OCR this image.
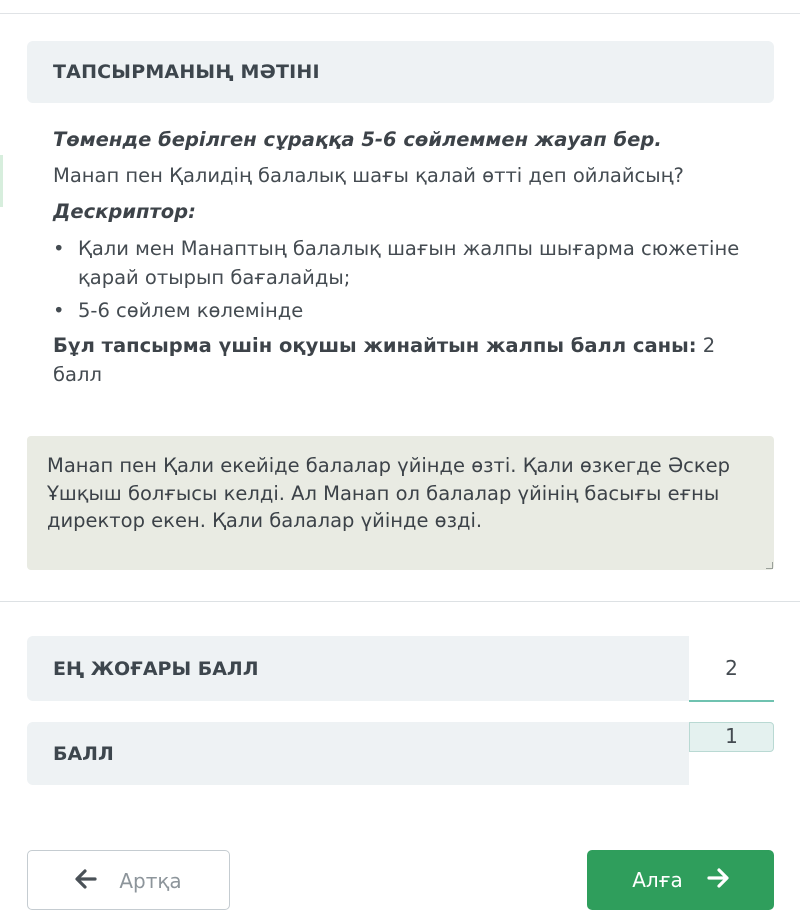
ТАПСЫРМАНЫҢ МӘТІНІ
Төменде берілген сұраққа 5-6 сөйлеммен жауап бер.
Манап пен Қалидің балалық шағы қалай өтті деп ойлайсың?
Дескриптор:
• Қали мен Манаптың балалық шағын жалпы шығарма сюжетіне қарай отырып бағалайды;
• 5-6 сөйлем көлемінде
Бұл тапсырма үшін оқушы жинайтын жалпы балл саны: 2 балл
Манап пен Қали екейіде балалар үйінде өзті. Қали өзкегде Әскер Ұшқыш болғысы келді. Ал Манап ол балалар үйінің басығы еғны директор екен. Қали балалар үйінде өзді.
ЕҢ ЖОҒАРЫ БАЛЛ	2
БАЛЛ
1
Артқа	Алға
